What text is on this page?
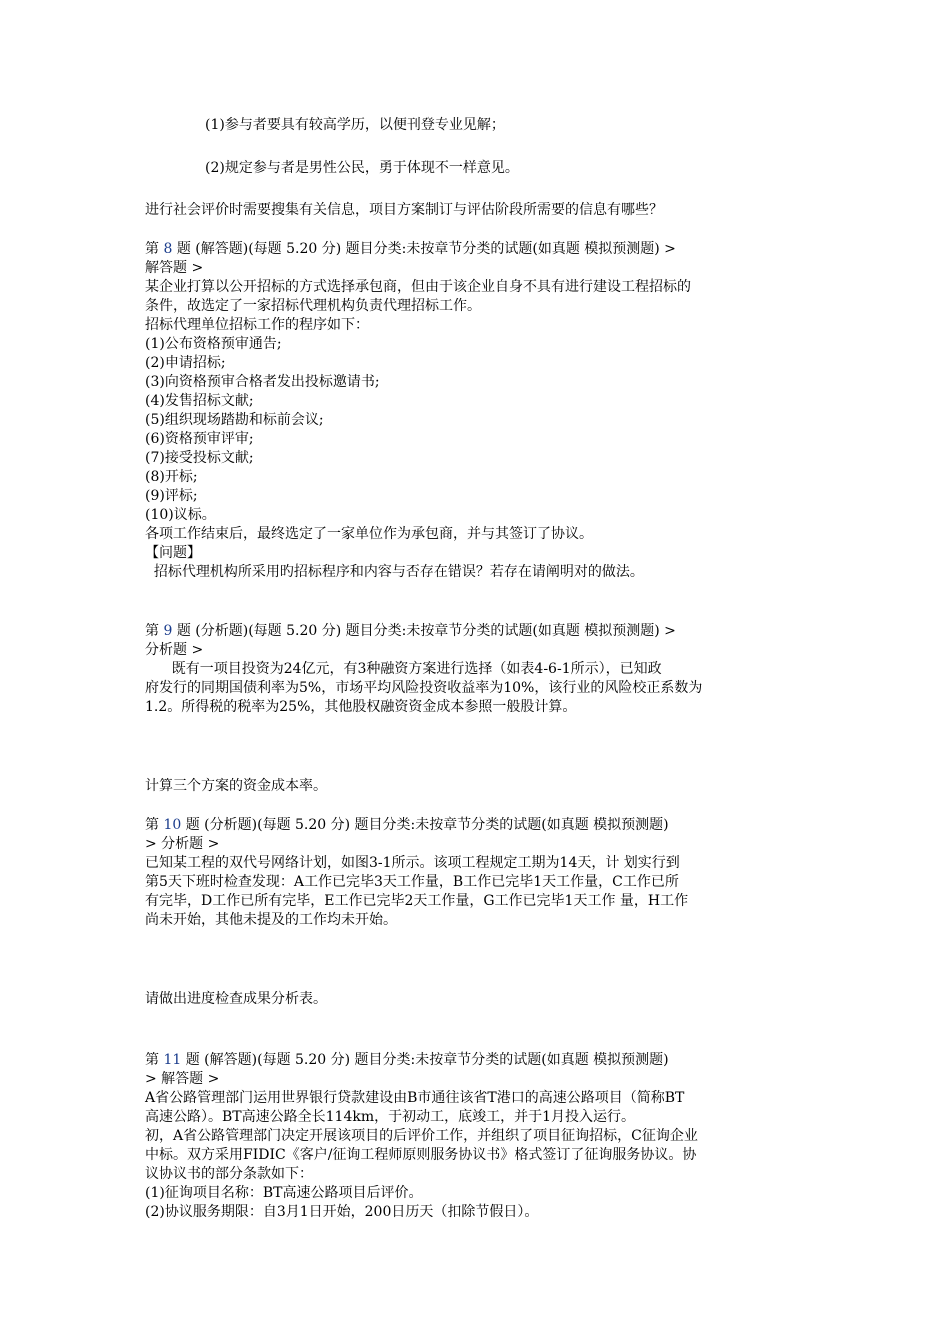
(1)参与者要具有较高学历，以便刊登专业见解；
(2)规定参与者是男性公民，勇于体现不一样意见。
进行社会评价时需要搜集有关信息，项目方案制订与评估阶段所需要的信息有哪些？
第 8 题 (解答题)(每题 5.20 分) 题目分类:未按章节分类的试题(如真题 模拟预测题) >
解答题 >
某企业打算以公开招标的方式选择承包商，但由于该企业自身不具有进行建设工程招标的
条件，故选定了一家招标代理机构负责代理招标工作。
招标代理单位招标工作的程序如下：
(1)公布资格预审通告;
(2)申请招标;
(3)向资格预审合格者发出投标邀请书;
(4)发售招标文献;
(5)组织现场踏勘和标前会议;
(6)资格预审评审;
(7)接受投标文献;
(8)开标;
(9)评标;
(10)议标。
各项工作结束后，最终选定了一家单位作为承包商，并与其签订了协议。
【问题】
招标代理机构所采用旳招标程序和内容与否存在错误？若存在请阐明对的做法。
第 9 题 (分析题)(每题 5.20 分) 题目分类:未按章节分类的试题(如真题 模拟预测题) >
分析题 >
既有一项目投资为24亿元，有3种融资方案进行选择（如表4-6-1所示），已知政
府发行的同期国债利率为5%，市场平均风险投资收益率为10%，该行业的风险校正系数为
1.2。所得税的税率为25%，其他股权融资资金成本参照一般股计算。
计算三个方案的资金成本率。
第 10 题 (分析题)(每题 5.20 分) 题目分类:未按章节分类的试题(如真题 模拟预测题)
> 分析题 >
已知某工程的双代号网络计划，如图3-1所示。该项工程规定工期为14天，计 划实行到
第5天下班时检查发现：A工作已完毕3天工作量，B工作已完毕1天工作量，C工作已所
有完毕，D工作已所有完毕，E工作已完毕2天工作量，G工作已完毕1天工作 量，H工作
尚未开始，其他未提及的工作均未开始。
请做出进度检查成果分析表。
第 11 题 (解答题)(每题 5.20 分) 题目分类:未按章节分类的试题(如真题 模拟预测题)
> 解答题 >
A省公路管理部门运用世界银行贷款建设由B市通往该省T港口的高速公路项目（简称BT
高速公路）。BT高速公路全长114km，于初动工，底竣工，并于1月投入运行。
初，A省公路管理部门决定开展该项目的后评价工作，并组织了项目征询招标，C征询企业
中标。双方采用FIDIC《客户/征询工程师原则服务协议书》格式签订了征询服务协议。协
议协议书的部分条款如下：
(1)征询项目名称：BT高速公路项目后评价。
(2)协议服务期限：自3月1日开始，200日历天（扣除节假日）。
